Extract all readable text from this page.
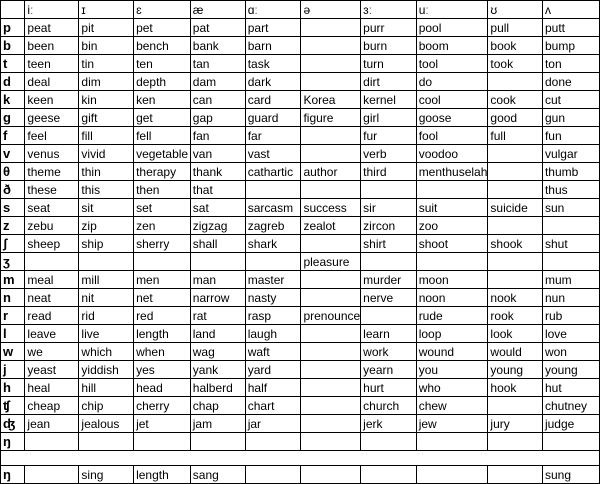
	iː	ɪ	ɛ	æ	ɑː	ə	ɜː	uː	ʊ	ʌ
p	peat	pit	pet	pat	part		purr	pool	pull	putt
b	been	bin	bench	bank	barn		burn	boom	book	bump
t	teen	tin	ten	tan	task		turn	tool	took	ton
d	deal	dim	depth	dam	dark		dirt	do		done
k	keen	kin	ken	can	card	Korea	kernel	cool	cook	cut
ɡ	geese	gift	get	gap	guard	figure	girl	goose	good	gun
f	feel	fill	fell	fan	far		fur	fool	full	fun
v	venus	vivid	vegetable	van	vast		verb	voodoo		vulgar
θ	theme	thin	therapy	thank	cathartic	author	third	menthuselah		thumb
ð	these	this	then	that						thus
s	seat	sit	set	sat	sarcasm	success	sir	suit	suicide	sun
z	zebu	zip	zen	zigzag	zagreb	zealot	zircon	zoo		
ʃ	sheep	ship	sherry	shall	shark		shirt	shoot	shook	shut
ʒ						pleasure				
m	meal	mill	men	man	master		murder	moon		mum
n	neat	nit	net	narrow	nasty		nerve	noon	nook	nun
r	read	rid	red	rat	rasp	prenounce		rude	rook	rub
l	leave	live	length	land	laugh		learn	loop	look	love
w	we	which	when	wag	waft		work	wound	would	won
j	yeast	yiddish	yes	yank	yard		yearn	you	young	young
h	heal	hill	head	halberd	half		hurt	who	hook	hut
ʧ	cheap	chip	cherry	chap	chart		church	chew		chutney
ʤ	jean	jealous	jet	jam	jar		jerk	jew	jury	judge
ŋ										

ŋ		sing	length	sang						sung
